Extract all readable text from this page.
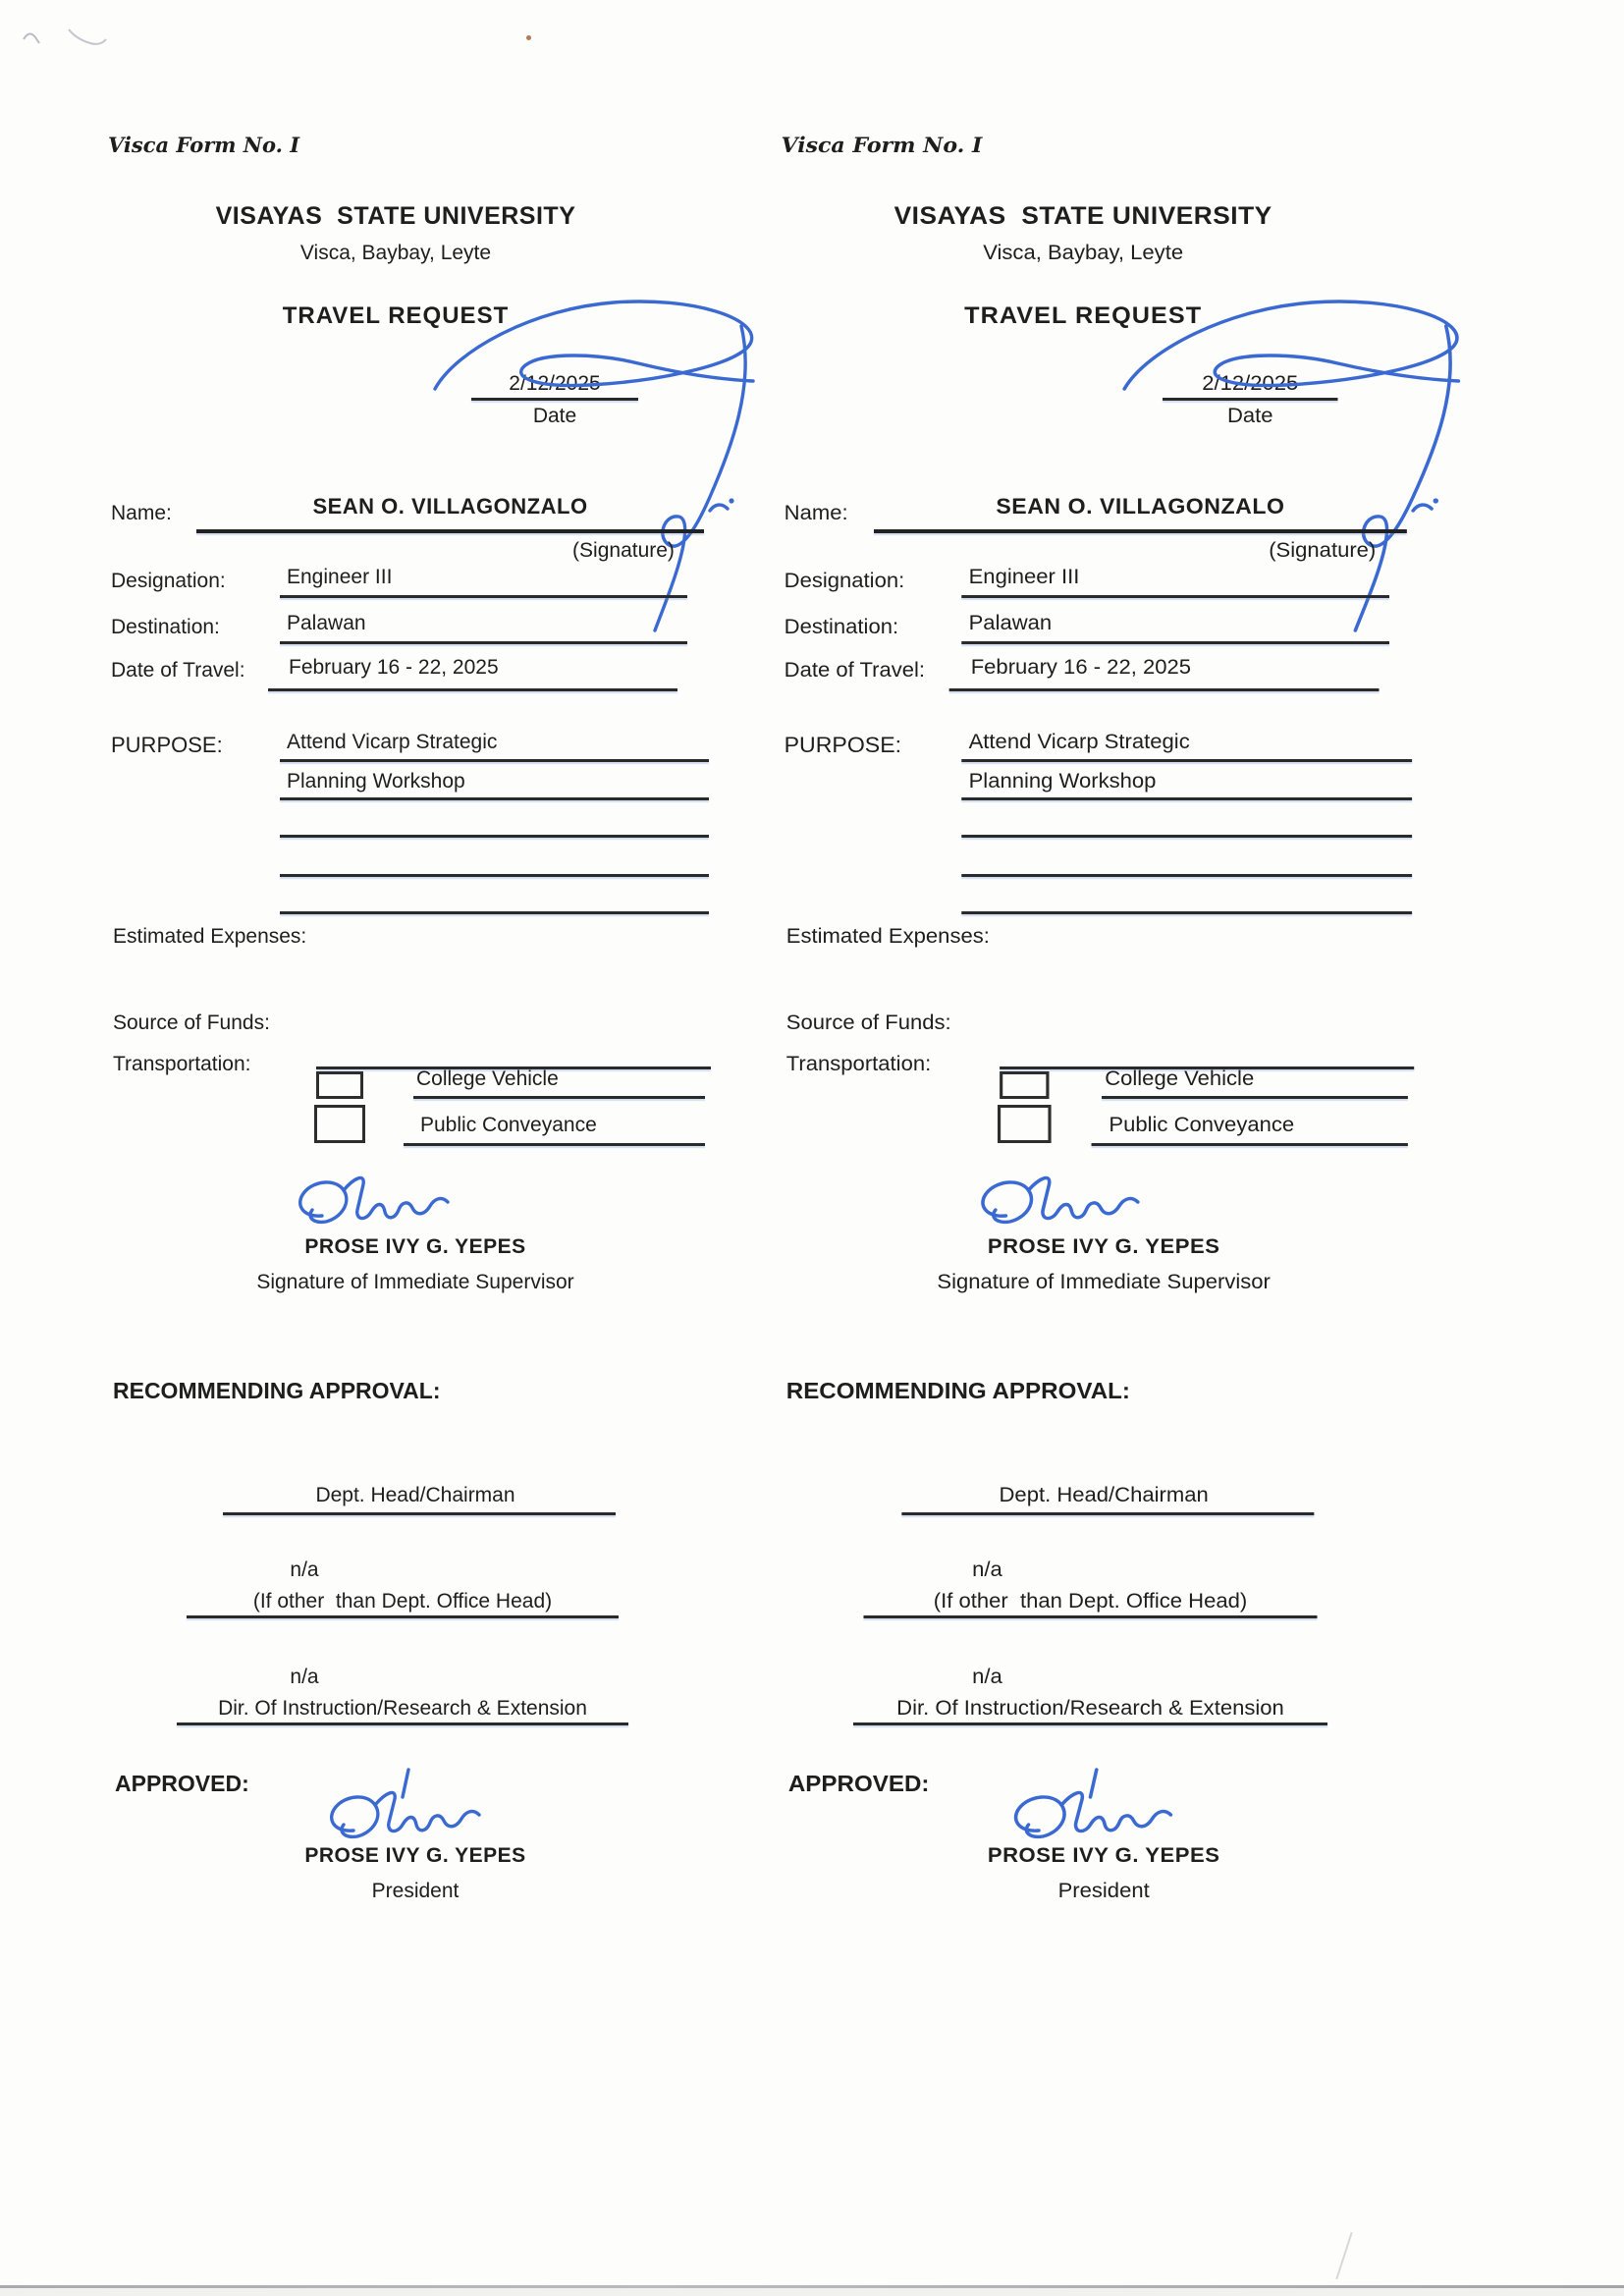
Visca Form No. I
VISAYAS  STATE UNIVERSITY
Visca, Baybay, Leyte
TRAVEL REQUEST
2/12/2025
Date
Name:	SEAN O. VILLAGONZALO
(Signature)
Designation:	Engineer III
Destination:	Palawan
Date of Travel: February 16 - 22, 2025
PURPOSE:	Attend Vicarp Strategic
Planning Workshop
Estimated Expenses:
Source of Funds:
Transportation:
College Vehicle
Public Conveyance
PROSE IVY G. YEPES
Signature of Immediate Supervisor
RECOMMENDING APPROVAL:
Dept. Head/Chairman
n/a
(If other  than Dept. Office Head)
n/a
Dir. Of Instruction/Research & Extension
APPROVED:
PROSE IVY G. YEPES
President
Visca Form No. I
VISAYAS  STATE UNIVERSITY
Visca, Baybay, Leyte
TRAVEL REQUEST
2/12/2025
Date
Name:	SEAN O. VILLAGONZALO
(Signature)
Designation:	Engineer III
Destination:	Palawan
Date of Travel: February 16 - 22, 2025
PURPOSE:	Attend Vicarp Strategic
Planning Workshop
Estimated Expenses:
Source of Funds:
Transportation:
College Vehicle
Public Conveyance
PROSE IVY G. YEPES
Signature of Immediate Supervisor
RECOMMENDING APPROVAL:
Dept. Head/Chairman
n/a
(If other  than Dept. Office Head)
n/a
Dir. Of Instruction/Research & Extension
APPROVED:
PROSE IVY G. YEPES
President
